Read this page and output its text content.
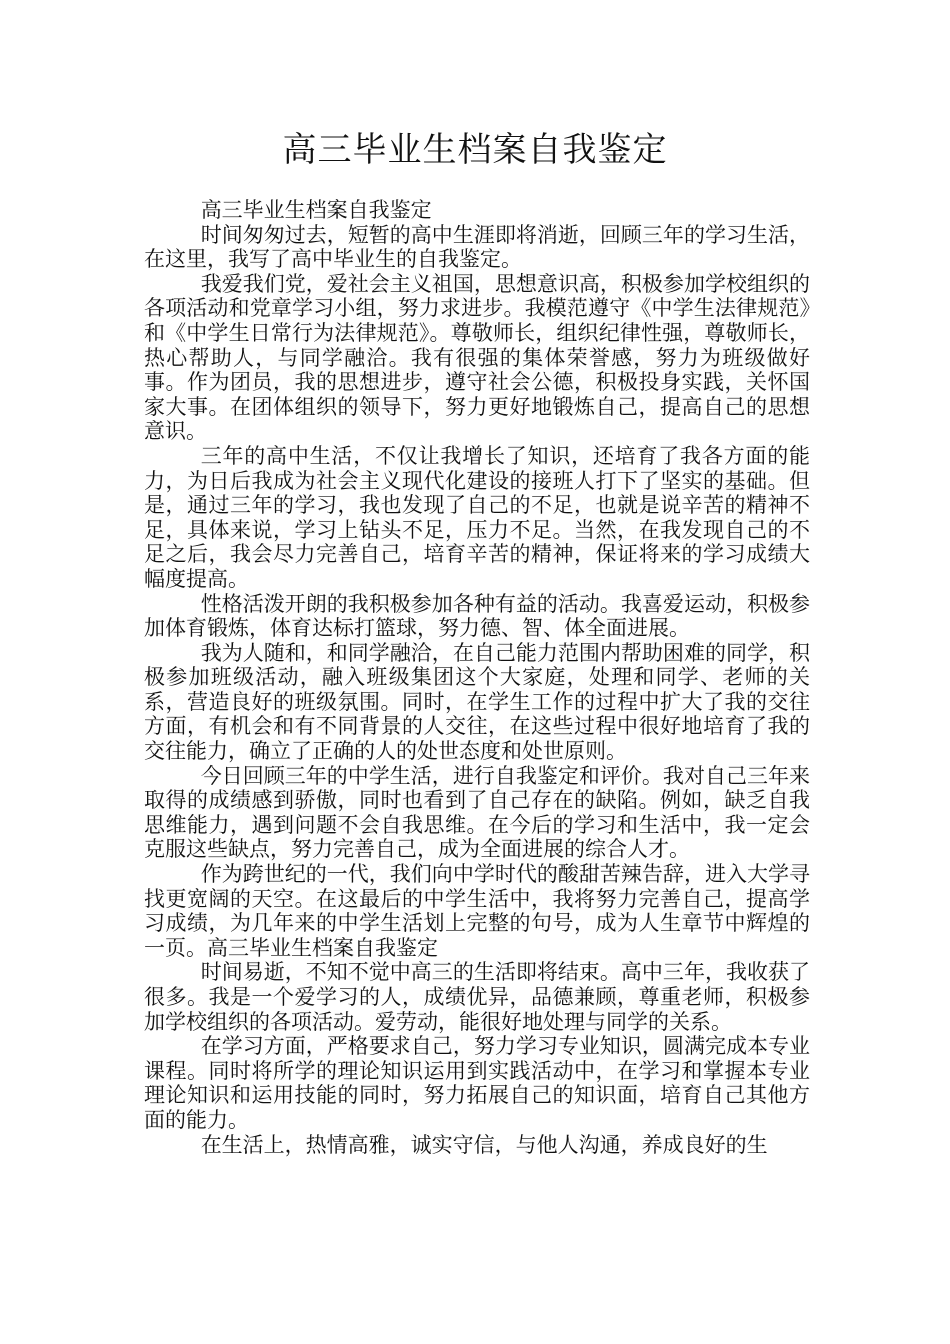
高三毕业生档案自我鉴定

高三毕业生档案自我鉴定

时间匆匆过去，短暂的高中生涯即将消逝，回顾三年的学习生活，在这里，我写了高中毕业生的自我鉴定。

我爱我们党，爱社会主义祖国，思想意识高，积极参加学校组织的各项活动和党章学习小组，努力求进步。我模范遵守《中学生法律规范》和《中学生日常行为法律规范》。尊敬师长，组织纪律性强，尊敬师长，热心帮助人，与同学融洽。我有很强的集体荣誉感，努力为班级做好事。作为团员，我的思想进步，遵守社会公德，积极投身实践，关怀国家大事。在团体组织的领导下，努力更好地锻炼自己，提高自己的思想意识。

三年的高中生活，不仅让我增长了知识，还培育了我各方面的能力，为日后我成为社会主义现代化建设的接班人打下了坚实的基础。但是，通过三年的学习，我也发现了自己的不足，也就是说辛苦的精神不足，具体来说，学习上钻头不足，压力不足。当然，在我发现自己的不足之后，我会尽力完善自己，培育辛苦的精神，保证将来的学习成绩大幅度提高。

性格活泼开朗的我积极参加各种有益的活动。我喜爱运动，积极参加体育锻炼，体育达标打篮球，努力德、智、体全面进展。

我为人随和，和同学融洽，在自己能力范围内帮助困难的同学，积极参加班级活动，融入班级集团这个大家庭，处理和同学、老师的关系，营造良好的班级氛围。同时，在学生工作的过程中扩大了我的交往方面，有机会和有不同背景的人交往，在这些过程中很好地培育了我的交往能力，确立了正确的人的处世态度和处世原则。

今日回顾三年的中学生活，进行自我鉴定和评价。我对自己三年来取得的成绩感到骄傲，同时也看到了自己存在的缺陷。例如，缺乏自我思维能力，遇到问题不会自我思维。在今后的学习和生活中，我一定会克服这些缺点，努力完善自己，成为全面进展的综合人才。

作为跨世纪的一代，我们向中学时代的酸甜苦辣告辞，进入大学寻找更宽阔的天空。在这最后的中学生活中，我将努力完善自己，提高学习成绩，为几年来的中学生活划上完整的句号，成为人生章节中辉煌的一页。高三毕业生档案自我鉴定

时间易逝，不知不觉中高三的生活即将结束。高中三年，我收获了很多。我是一个爱学习的人，成绩优异，品德兼顾，尊重老师，积极参加学校组织的各项活动。爱劳动，能很好地处理与同学的关系。

在学习方面，严格要求自己，努力学习专业知识，圆满完成本专业课程。同时将所学的理论知识运用到实践活动中，在学习和掌握本专业理论知识和运用技能的同时，努力拓展自己的知识面，培育自己其他方面的能力。

在生活上，热情高雅，诚实守信，与他人沟通，养成良好的生
